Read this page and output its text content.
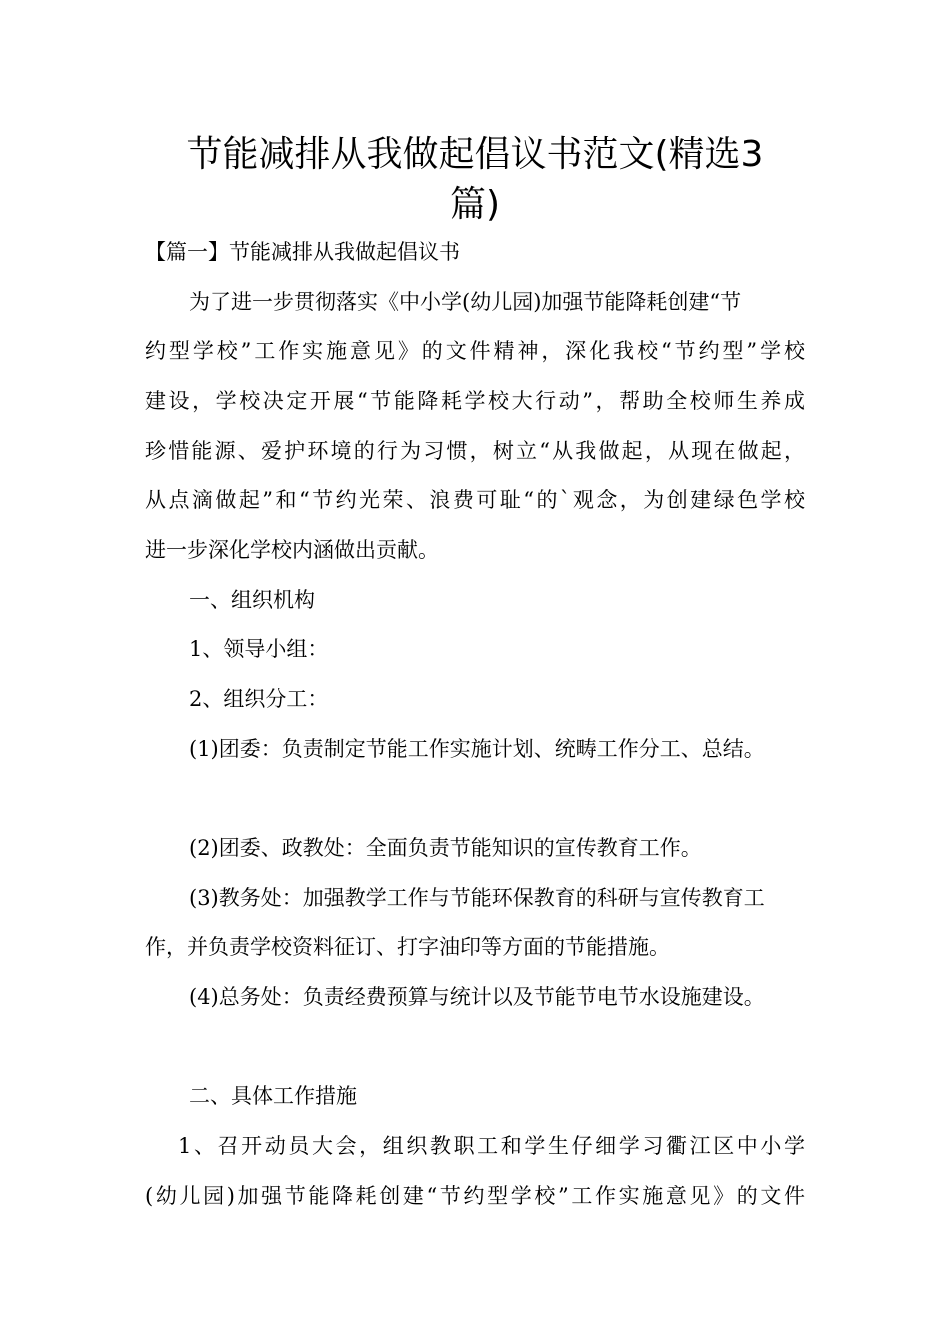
节能减排从我做起倡议书范文(精选3
篇)
【篇一】节能减排从我做起倡议书
为了进一步贯彻落实《中小学(幼儿园)加强节能降耗创建“节
约型学校”工作实施意见》的文件精神，深化我校“节约型”学校
建设，学校决定开展“节能降耗学校大行动”，帮助全校师生养成
珍惜能源、爱护环境的行为习惯，树立“从我做起，从现在做起，
从点滴做起”和“节约光荣、浪费可耻“的`观念，为创建绿色学校
进一步深化学校内涵做出贡献。
一、组织机构
1、领导小组：
2、组织分工：
(1)团委：负责制定节能工作实施计划、统畴工作分工、总结。
(2)团委、政教处：全面负责节能知识的宣传教育工作。
(3)教务处：加强教学工作与节能环保教育的科研与宣传教育工
作，并负责学校资料征订、打字油印等方面的节能措施。
(4)总务处：负责经费预算与统计以及节能节电节水设施建设。
二、具体工作措施
1、召开动员大会，组织教职工和学生仔细学习衢江区中小学
(幼儿园)加强节能降耗创建“节约型学校”工作实施意见》的文件
